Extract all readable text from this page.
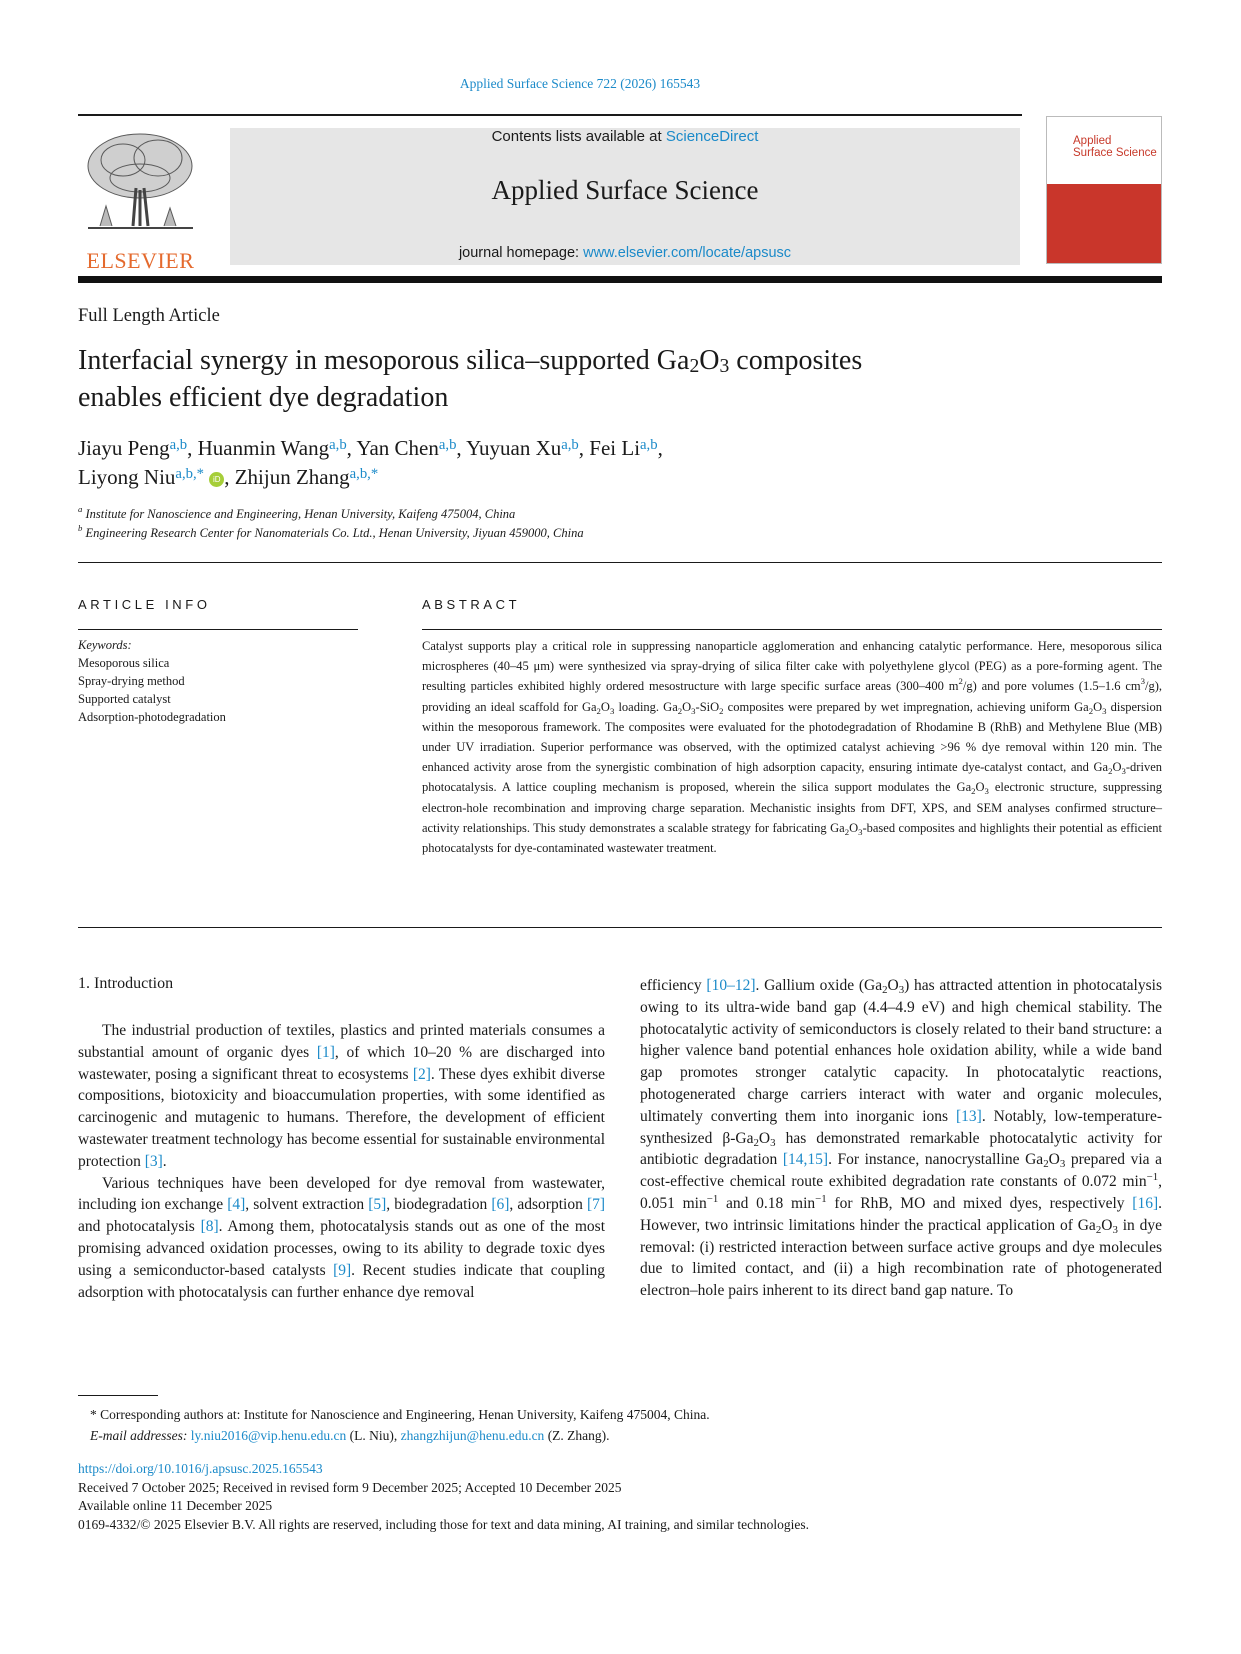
Applied Surface Science 722 (2026) 165543
ELSEVIER
Contents lists available at ScienceDirect
Applied Surface Science
journal homepage: www.elsevier.com/locate/apsusc
Applied
Surface Science
Full Length Article
Interfacial synergy in mesoporous silica–supported $Ga_2O_3$ composites
enables efficient dye degradation
Jiayu Peng$^{a,b}$, Huanmin Wang$^{a,b}$, Yan Chen$^{a,b}$, Yuyuan Xu$^{a,b}$, Fei Li$^{a,b}$,
Liyong Niu$^{a,b,*}$ iD , Zhijun Zhang$^{a,b,*}$
$^a$ Institute for Nanoscience and Engineering, Henan University, Kaifeng 475004, China
$^b$ Engineering Research Center for Nanomaterials Co. Ltd., Henan University, Jiyuan 459000, China
ARTICLE INFO	ABSTRACT
Keywords:
Mesoporous silica
Spray-drying method
Supported catalyst
Adsorption-photodegradation
Catalyst supports play a critical role in suppressing nanoparticle agglomeration and enhancing catalytic performance. Here, mesoporous silica microspheres (40–45 μm) were synthesized via spray-drying of silica filter cake with polyethylene glycol (PEG) as a pore-forming agent. The resulting particles exhibited highly ordered mesostructure with large specific surface areas (300–400 $m^2/g$) and pore volumes (1.5–1.6 $cm^3/g$), providing an ideal scaffold for $Ga_2O_3$ loading. $Ga_2O_3-SiO_2$ composites were prepared by wet impregnation, achieving uniform $Ga_2O_3$ dispersion within the mesoporous framework. The composites were evaluated for the photodegradation of Rhodamine B (RhB) and Methylene Blue (MB) under UV irradiation. Superior performance was observed, with the optimized catalyst achieving >96 % dye removal within 120 min. The enhanced activity arose from the synergistic combination of high adsorption capacity, ensuring intimate dye-catalyst contact, and $Ga_2O_3$-driven photocatalysis. A lattice coupling mechanism is proposed, wherein the silica support modulates the $Ga_2O_3$ electronic structure, suppressing electron-hole recombination and improving charge separation. Mechanistic insights from DFT, XPS, and SEM analyses confirmed structure–activity relationships. This study demonstrates a scalable strategy for fabricating $Ga_2O_3$-based composites and highlights their potential as efficient photocatalysts for dye-contaminated wastewater treatment.
1. Introduction

The industrial production of textiles, plastics and printed materials consumes a substantial amount of organic dyes [1], of which 10–20 % are discharged into wastewater, posing a significant threat to ecosystems [2]. These dyes exhibit diverse compositions, biotoxicity and bioaccumulation properties, with some identified as carcinogenic and mutagenic to humans. Therefore, the development of efficient wastewater treatment technology has become essential for sustainable environmental protection [3].

Various techniques have been developed for dye removal from wastewater, including ion exchange [4], solvent extraction [5], biodegradation [6], adsorption [7] and photocatalysis [8]. Among them, photocatalysis stands out as one of the most promising advanced oxidation processes, owing to its ability to degrade toxic dyes using a semiconductor-based catalysts [9]. Recent studies indicate that coupling adsorption with photocatalysis can further enhance dye removal

efficiency [10–12]. Gallium oxide $(Ga_2O_3)$ has attracted attention in photocatalysis owing to its ultra-wide band gap (4.4–4.9 eV) and high chemical stability. The photocatalytic activity of semiconductors is closely related to their band structure: a higher valence band potential enhances hole oxidation ability, while a wide band gap promotes stronger catalytic capacity. In photocatalytic reactions, photogenerated charge carriers interact with water and organic molecules, ultimately converting them into inorganic ions [13]. Notably, low-temperature-synthesized $\beta-Ga_2O_3$ has demonstrated remarkable photocatalytic activity for antibiotic degradation [14,15]. For instance, nanocrystalline $Ga_2O_3$ prepared via a cost-effective chemical route exhibited degradation rate constants of 0.072 $\min^{-1}$, 0.051 $\min^{-1}$ and 0.18 $\min^{-1}$ for RhB, MO and mixed dyes, respectively [16]. However, two intrinsic limitations hinder the practical application of $Ga_2O_3$ in dye removal: (i) restricted interaction between surface active groups and dye molecules due to limited contact, and (ii) a high recombination rate of photogenerated electron–hole pairs inherent to its direct band gap nature. To

* Corresponding authors at: Institute for Nanoscience and Engineering, Henan University, Kaifeng 475004, China.
E-mail addresses: ly.niu2016@vip.henu.edu.cn (L. Niu), zhangzhijun@henu.edu.cn (Z. Zhang).
https://doi.org/10.1016/j.apsusc.2025.165543
Received 7 October 2025; Received in revised form 9 December 2025; Accepted 10 December 2025
Available online 11 December 2025
0169-4332/© 2025 Elsevier B.V. All rights are reserved, including those for text and data mining, AI training, and similar technologies.
